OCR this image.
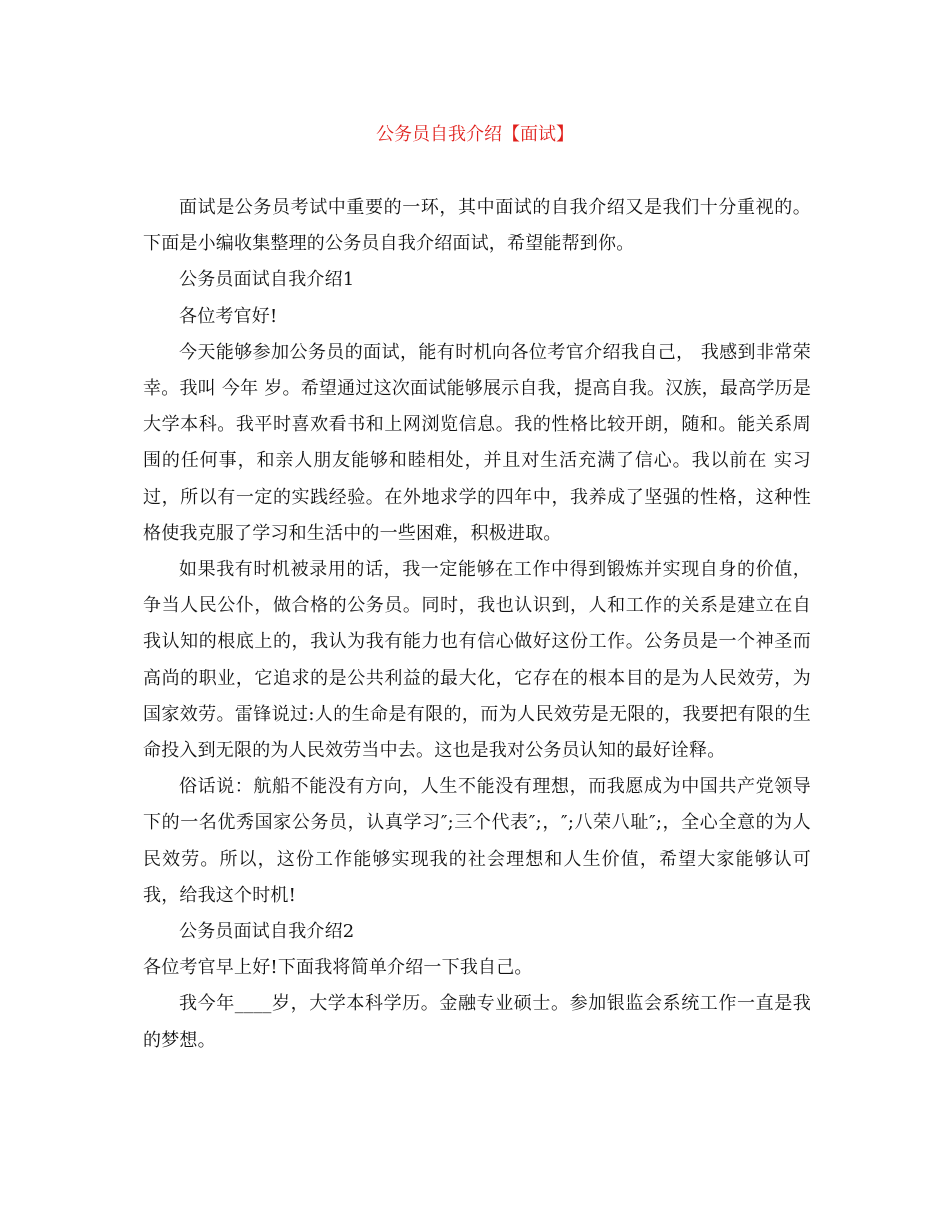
公务员自我介绍【面试】

面试是公务员考试中重要的一环，其中面试的自我介绍又是我们十分重视的。下面是小编收集整理的公务员自我介绍面试，希望能帮到你。

公务员面试自我介绍1

各位考官好!

今天能够参加公务员的面试，能有时机向各位考官介绍我自己， 我感到非常荣幸。我叫 今年 岁。希望通过这次面试能够展示自我，提高自我。汉族，最高学历是大学本科。我平时喜欢看书和上网浏览信息。我的性格比较开朗，随和。能关系周围的任何事，和亲人朋友能够和睦相处，并且对生活充满了信心。我以前在 实习过，所以有一定的实践经验。在外地求学的四年中，我养成了坚强的性格，这种性格使我克服了学习和生活中的一些困难，积极进取。

如果我有时机被录用的话，我一定能够在工作中得到锻炼并实现自身的价值，争当人民公仆，做合格的公务员。同时，我也认识到，人和工作的关系是建立在自我认知的根底上的，我认为我有能力也有信心做好这份工作。公务员是一个神圣而高尚的职业，它追求的是公共利益的最大化，它存在的根本目的是为人民效劳，为国家效劳。雷锋说过:人的生命是有限的，而为人民效劳是无限的，我要把有限的生命投入到无限的为人民效劳当中去。这也是我对公务员认知的最好诠释。

俗话说：航船不能没有方向，人生不能没有理想，而我愿成为中国共产党领导下的一名优秀国家公务员，认真学习″;三个代表″;，″;八荣八耻″;，全心全意的为人民效劳。所以，这份工作能够实现我的社会理想和人生价值，希望大家能够认可我，给我这个时机!

公务员面试自我介绍2

各位考官早上好!下面我将简单介绍一下我自己。

我今年____岁，大学本科学历。金融专业硕士。参加银监会系统工作一直是我的梦想。
